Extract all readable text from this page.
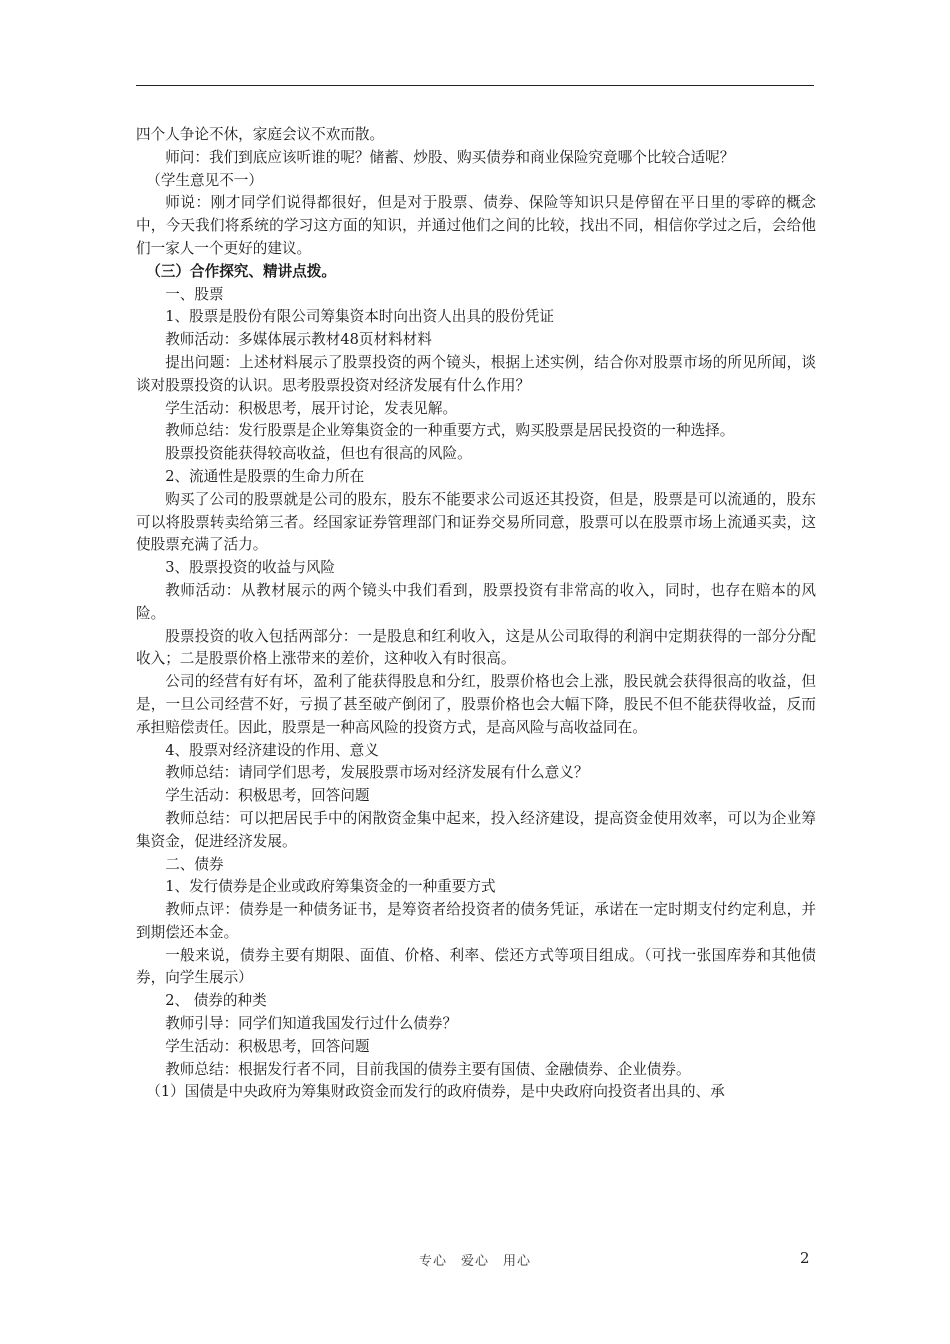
四个人争论不休，家庭会议不欢而散。

师问：我们到底应该听谁的呢？储蓄、炒股、购买债券和商业保险究竟哪个比较合适呢？

（学生意见不一）

师说：刚才同学们说得都很好，但是对于股票、债券、保险等知识只是停留在平日里的零碎的概念中，今天我们将系统的学习这方面的知识，并通过他们之间的比较，找出不同，相信你学过之后，会给他们一家人一个更好的建议。

（三）合作探究、精讲点拨。

一、股票

1、股票是股份有限公司筹集资本时向出资人出具的股份凭证

教师活动：多媒体展示教材48页材料材料

提出问题：上述材料展示了股票投资的两个镜头，根据上述实例，结合你对股票市场的所见所闻，谈谈对股票投资的认识。思考股票投资对经济发展有什么作用？

学生活动：积极思考，展开讨论，发表见解。

教师总结：发行股票是企业筹集资金的一种重要方式，购买股票是居民投资的一种选择。

股票投资能获得较高收益，但也有很高的风险。

2、流通性是股票的生命力所在

购买了公司的股票就是公司的股东，股东不能要求公司返还其投资，但是，股票是可以流通的，股东可以将股票转卖给第三者。经国家证券管理部门和证券交易所同意，股票可以在股票市场上流通买卖，这使股票充满了活力。

3、股票投资的收益与风险

教师活动：从教材展示的两个镜头中我们看到，股票投资有非常高的收入，同时，也存在赔本的风险。

股票投资的收入包括两部分：一是股息和红利收入，这是从公司取得的利润中定期获得的一部分分配收入；二是股票价格上涨带来的差价，这种收入有时很高。

公司的经营有好有坏，盈利了能获得股息和分红，股票价格也会上涨，股民就会获得很高的收益，但是，一旦公司经营不好，亏损了甚至破产倒闭了，股票价格也会大幅下降，股民不但不能获得收益，反而承担赔偿责任。因此，股票是一种高风险的投资方式，是高风险与高收益同在。

4、股票对经济建设的作用、意义

教师总结：请同学们思考，发展股票市场对经济发展有什么意义？

学生活动：积极思考，回答问题

教师总结：可以把居民手中的闲散资金集中起来，投入经济建设，提高资金使用效率，可以为企业筹集资金，促进经济发展。

二、债券

1、发行债券是企业或政府筹集资金的一种重要方式

教师点评：债券是一种债务证书，是筹资者给投资者的债务凭证，承诺在一定时期支付约定利息，并到期偿还本金。

一般来说，债券主要有期限、面值、价格、利率、偿还方式等项目组成。（可找一张国库券和其他债券，向学生展示）

2、 债券的种类

教师引导：同学们知道我国发行过什么债券？

学生活动：积极思考，回答问题

教师总结：根据发行者不同，目前我国的债券主要有国债、金融债券、企业债券。

（1）国债是中央政府为筹集财政资金而发行的政府债券，是中央政府向投资者出具的、承

专心　爱心　用心	2
